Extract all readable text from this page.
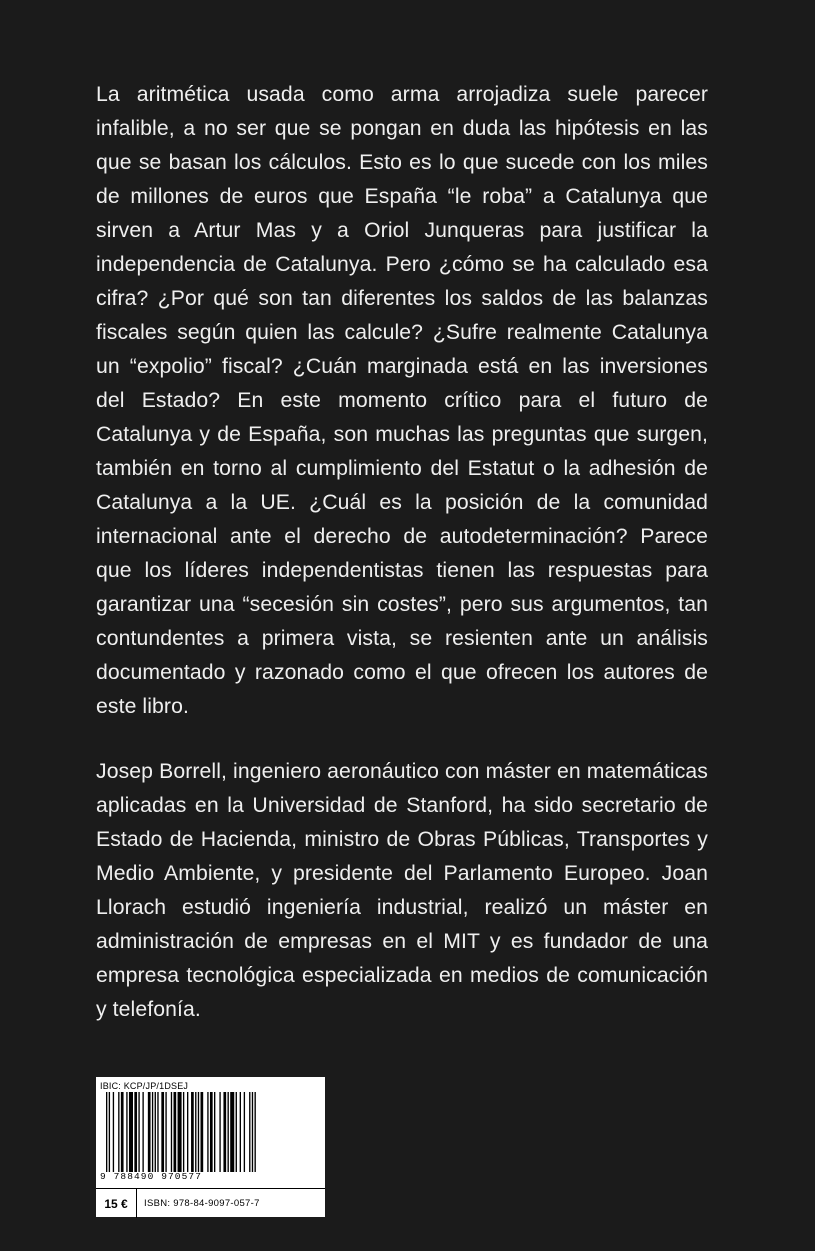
La aritmética usada como arma arrojadiza suele parecer infalible, a no ser que se pongan en duda las hipótesis en las que se basan los cálculos. Esto es lo que sucede con los miles de millones de euros que España “le roba” a Catalunya que sirven a Artur Mas y a Oriol Junqueras para justificar la independencia de Catalunya. Pero ¿cómo se ha calculado esa cifra? ¿Por qué son tan diferentes los saldos de las balanzas fiscales según quien las calcule? ¿Sufre realmente Catalunya un “expolio” fiscal? ¿Cuán marginada está en las inversiones del Estado? En este momento crítico para el futuro de Catalunya y de España, son muchas las preguntas que surgen, también en torno al cumplimiento del Estatut o la adhesión de Catalunya a la UE. ¿Cuál es la posición de la comunidad internacional ante el derecho de autodeterminación? Parece que los líderes independentistas tienen las respuestas para garantizar una “secesión sin costes”, pero sus argumentos, tan contundentes a primera vista, se resienten ante un análisis documentado y razonado como el que ofrecen los autores de este libro.

Josep Borrell, ingeniero aeronáutico con máster en matemáticas aplicadas en la Universidad de Stanford, ha sido secretario de Estado de Hacienda, ministro de Obras Públicas, Transportes y Medio Ambiente, y presidente del Parlamento Europeo. Joan Llorach estudió ingeniería industrial, realizó un máster en administración de empresas en el MIT y es fundador de una empresa tecnológica especializada en medios de comunicación y telefonía.

IBIC: KCP/JP/1DSEJ
9 788490 970577
15 €	ISBN: 978-84-9097-057-7
